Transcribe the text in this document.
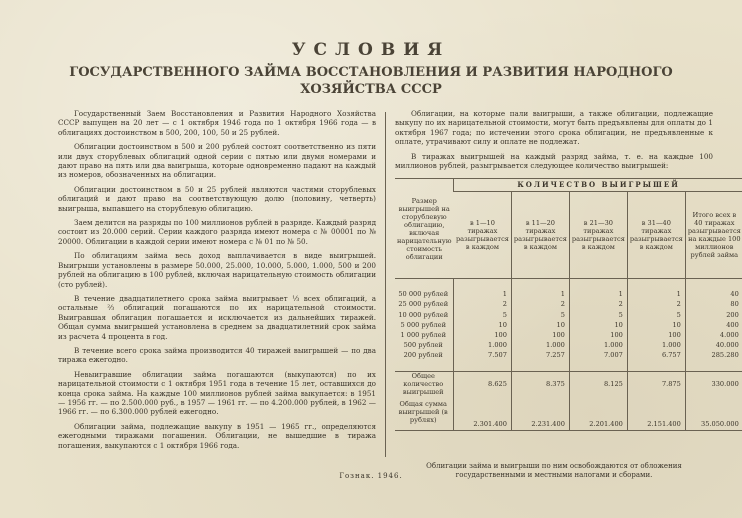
УСЛОВИЯ
ГОСУДАРСТВЕННОГО ЗАЙМА ВОССТАНОВЛЕНИЯ И РАЗВИТИЯ НАРОДНОГО ХОЗЯЙСТВА СССР

Государственный Заем Восстановления и Развития Народного Хозяйства СССР выпущен на 20 лет — с 1 октября 1946 года по 1 октября 1966 года — в облигациях достоинством в 500, 200, 100, 50 и 25 рублей.

Облигации достоинством в 500 и 200 рублей состоят соответственно из пяти или двух сторублевых облигаций одной серии с пятью или двумя номерами и дают право на пять или два выигрыша, которые одновременно падают на каждый из номеров, обозначенных на облигации.

Облигации достоинством в 50 и 25 рублей являются частями сторублевых облигаций и дают право на соответствующую долю (половину, четверть) выигрыша, выпавшего на сторублевую облигацию.

Заем делится на разряды по 100 миллионов рублей в разряде. Каждый разряд состоит из 20.000 серий. Серии каждого разряда имеют номера с № 00001 по № 20000. Облигации в каждой серии имеют номера с № 01 по № 50.

По облигациям займа весь доход выплачивается в виде выигрышей. Выигрыши установлены в размере 50.000, 25.000, 10.000, 5.000, 1.000, 500 и 200 рублей на облигацию в 100 рублей, включая нарицательную стоимость облигации (сто рублей).

В течение двадцатилетнего срока займа выигрывает ⅓ всех облигаций, а остальные ⅔ облигаций погашаются по их нарицательной стоимости. Выигравшая облигация погашается и исключается из дальнейших тиражей. Общая сумма выигрышей установлена в среднем за двадцатилетний срок займа из расчета 4 процента в год.

В течение всего срока займа производится 40 тиражей выигрышей — по два тиража ежегодно.

Невыигравшие облигации займа погашаются (выкупаются) по их нарицательной стоимости с 1 октября 1951 года в течение 15 лет, оставшихся до конца срока займа. На каждые 100 миллионов рублей займа выкупается: в 1951 — 1956 гг. — по 2.500.000 руб., в 1957 — 1961 гг. — по 4.200.000 рублей, в 1962 — 1966 гг. — по 6.300.000 рублей ежегодно.

Облигации займа, подлежащие выкупу в 1951 — 1965 гг., определяются ежегодными тиражами погашения. Облигации, не вышедшие в тиража погашения, выкупаются с 1 октября 1966 года.

Облигации, на которые пали выигрыши, а также облигации, подлежащие выкупу по их нарицательной стоимости, могут быть предъявлены для оплаты до 1 октября 1967 года; по истечении этого срока облигации, не предъявленные к оплате, утрачивают силу и оплате не подлежат.

В тиражах выигрышей на каждый разряд займа, т. е. на каждые 100 миллионов рублей, разыгрывается следующее количество выигрышей:

Размер выигрышей на сторублевую облигацию, включая нарицательную стоимость облигации	КОЛИЧЕСТВО ВЫИГРЫШЕЙ				
	в 1—10 тиражах разыгрывается в каждом	в 11—20 тиражах разыгрывается в каждом	в 21—30 тиражах разыгрывается в каждом	в 31—40 тиражах разыгрывается в каждом	Итого всех в 40 тиражах разыгрывается на каждые 100 миллионов рублей займа

50 000 рублей	1	1	1	1	40
25 000 рублей	2	2	2	2	80
10 000 рублей	5	5	5	5	200
5 000 рублей	10	10	10	10	400
1 000 рублей	100	100	100	100	4.000
500 рублей	1.000	1.000	1.000	1.000	40.000
200 рублей	7.507	7.257	7.007	6.757	285.280

Общее количество выигрышей	8.625	8.375	8.125	7.875	330.000
Общая сумма выигрышей (в рублях)	2.301.400	2.231.400	2.201.400	2.151.400	35.050.000
Облигации займа и выигрыши по ним освобождаются от обложения государственными и местными налогами и сборами.
Гознак. 1946.
